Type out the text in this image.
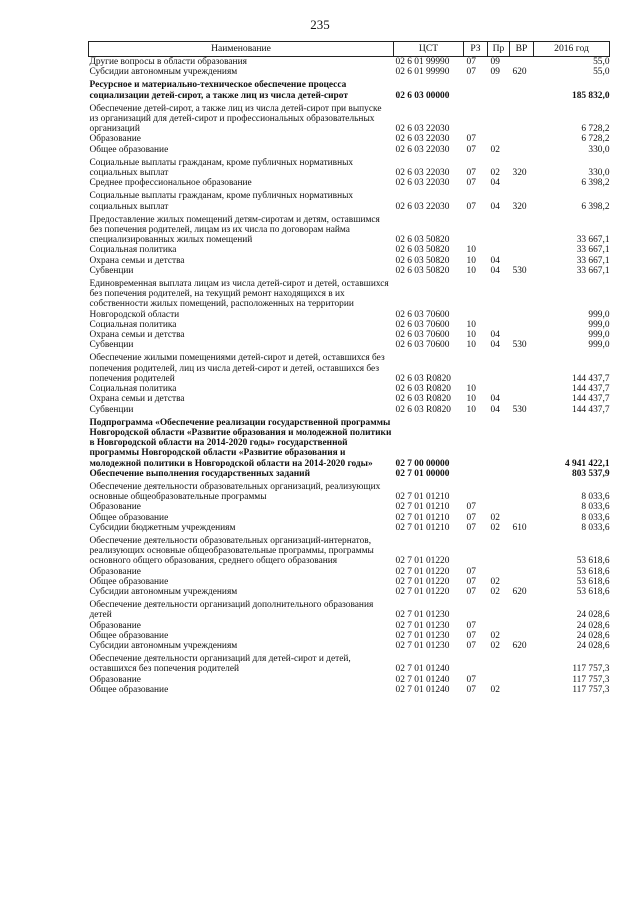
235
Наименование	ЦСТ	РЗ	Пр	ВР	2016 год
Другие вопросы в области образования	02 6 01 99990	07	09		55,0
Субсидии автономным учреждениям	02 6 01 99990	07	09	620	55,0
Ресурсное и материально-техническое обеспечение процесса социализации детей-сирот, а также лиц из числа детей-сирот	02 6 03 00000				185 832,0
Обеспечение детей-сирот, а также лиц из числа детей-сирот при выпуске из организаций для детей-сирот и профессиональных образовательных организаций	02 6 03 22030				6 728,2
Образование	02 6 03 22030	07			6 728,2
Общее образование	02 6 03 22030	07	02		330,0
Социальные выплаты гражданам, кроме публичных нормативных социальных выплат	02 6 03 22030	07	02	320	330,0
Среднее профессиональное образование	02 6 03 22030	07	04		6 398,2
Социальные выплаты гражданам, кроме публичных нормативных социальных выплат	02 6 03 22030	07	04	320	6 398,2
Предоставление жилых помещений детям-сиротам и детям, оставшимся без попечения родителей, лицам из их числа по договорам найма специализированных жилых помещений	02 6 03 50820				33 667,1
Социальная политика	02 6 03 50820	10			33 667,1
Охрана семьи и детства	02 6 03 50820	10	04		33 667,1
Субвенции	02 6 03 50820	10	04	530	33 667,1
Единовременная выплата лицам из числа детей-сирот и детей, оставшихся без попечения родителей, на текущий ремонт находящихся в их собственности жилых помещений, расположенных на территории Новгородской области	02 6 03 70600				999,0
Социальная политика	02 6 03 70600	10			999,0
Охрана семьи и детства	02 6 03 70600	10	04		999,0
Субвенции	02 6 03 70600	10	04	530	999,0
Обеспечение жилыми помещениями детей-сирот и детей, оставшихся без попечения родителей, лиц из числа детей-сирот и детей, оставшихся без попечения родителей	02 6 03 R0820				144 437,7
Социальная политика	02 6 03 R0820	10			144 437,7
Охрана семьи и детства	02 6 03 R0820	10	04		144 437,7
Субвенции	02 6 03 R0820	10	04	530	144 437,7
Подпрограмма «Обеспечение реализации государственной программы Новгородской области «Развитие образования и молодежной политики в Новгородской области на 2014-2020 годы» государственной программы Новгородской области «Развитие образования и молодежной политики в Новгородской области на 2014-2020 годы»	02 7 00 00000				4 941 422,1
Обеспечение выполнения государственных заданий	02 7 01 00000				803 537,9
Обеспечение деятельности образовательных организаций, реализующих основные общеобразовательные программы	02 7 01 01210				8 033,6
Образование	02 7 01 01210	07			8 033,6
Общее образование	02 7 01 01210	07	02		8 033,6
Субсидии бюджетным учреждениям	02 7 01 01210	07	02	610	8 033,6
Обеспечение деятельности образовательных организаций-интернатов, реализующих основные общеобразовательные программы, программы основного общего образования, среднего общего образования	02 7 01 01220				53 618,6
Образование	02 7 01 01220	07			53 618,6
Общее образование	02 7 01 01220	07	02		53 618,6
Субсидии автономным учреждениям	02 7 01 01220	07	02	620	53 618,6
Обеспечение деятельности организаций дополнительного образования детей	02 7 01 01230				24 028,6
Образование	02 7 01 01230	07			24 028,6
Общее образование	02 7 01 01230	07	02		24 028,6
Субсидии автономным учреждениям	02 7 01 01230	07	02	620	24 028,6
Обеспечение деятельности организаций для детей-сирот и детей, оставшихся без попечения родителей	02 7 01 01240				117 757,3
Образование	02 7 01 01240	07			117 757,3
Общее образование	02 7 01 01240	07	02		117 757,3
